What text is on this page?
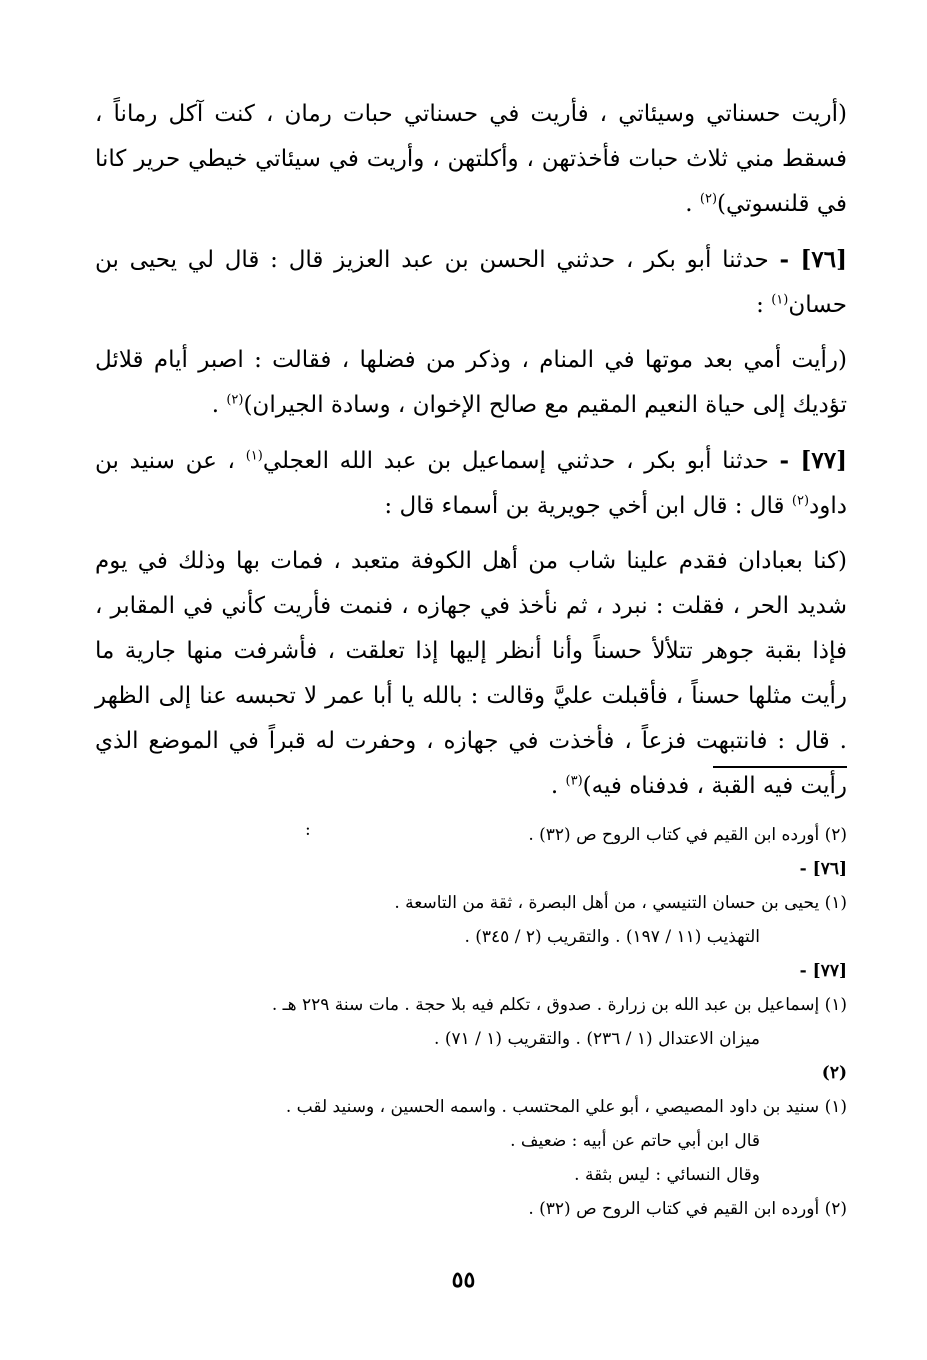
(أريت حسناتي وسيئاتي ، فأريت في حسناتي حبات رمان ، كنت آكل رماناً ، فسقط مني ثلاث حبات فأخذتهن ، وأكلتهن ، وأريت في سيئاتي خيطي حرير كانا في قلنسوتي)$^{(٢)}$ .

[٧٦] - حدثنا أبو بكر ، حدثني الحسن بن عبد العزيز قال : قال لي يحيى بن حسان$^{(١)}$ :

(رأيت أمي بعد موتها في المنام ، وذكر من فضلها ، فقالت : اصبر أيام قلائل تؤديك إلى حياة النعيم المقيم مع صالح الإخوان ، وسادة الجيران)$^{(٢)}$ .

[٧٧] - حدثنا أبو بكر ، حدثني إسماعيل بن عبد الله العجلي$^{(١)}$ ، عن سنيد بن داود$^{(٢)}$ قال : قال ابن أخي جويرية بن أسماء قال :

(كنا بعبادان فقدم علينا شاب من أهل الكوفة متعبد ، فمات بها وذلك في يوم شديد الحر ، فقلت : نبرد ، ثم نأخذ في جهازه ، فنمت فأريت كأني في المقابر ، فإذا بقبة جوهر تتلألأ حسناً وأنا أنظر إليها إذا تعلقت ، فأشرفت منها جارية ما رأيت مثلها حسناً ، فأقبلت عليَّ وقالت : بالله يا أبا عمر لا تحبسه عنا إلى الظهر . قال : فانتبهت فزعاً ، فأخذت في جهازه ، وحفرت له قبراً في الموضع الذي رأيت فيه القبة ، فدفناه فيه)$^{(٣)}$ .

:	(٢) أورده ابن القيم في كتاب الروح ص (٣٢) .

[٧٦] -

(١) يحيى بن حسان التنيسي ، من أهل البصرة ، ثقة من التاسعة .

التهذيب (١١ / ١٩٧) . والتقريب (٢ / ٣٤٥) .

[٧٧] -

(١) إسماعيل بن عبد الله بن زرارة . صدوق ، تكلم فيه بلا حجة . مات سنة ٢٢٩ هـ .

ميزان الاعتدال (١ / ٢٣٦) . والتقريب (١ / ٧١) .

(٢)

(١) سنيد بن داود المصيصي ، أبو علي المحتسب . واسمه الحسين ، وسنيد لقب .

قال ابن أبي حاتم عن أبيه : ضعيف .

وقال النسائي : ليس بثقة .

(٢) أورده ابن القيم في كتاب الروح ص (٣٢) .

٥٥
